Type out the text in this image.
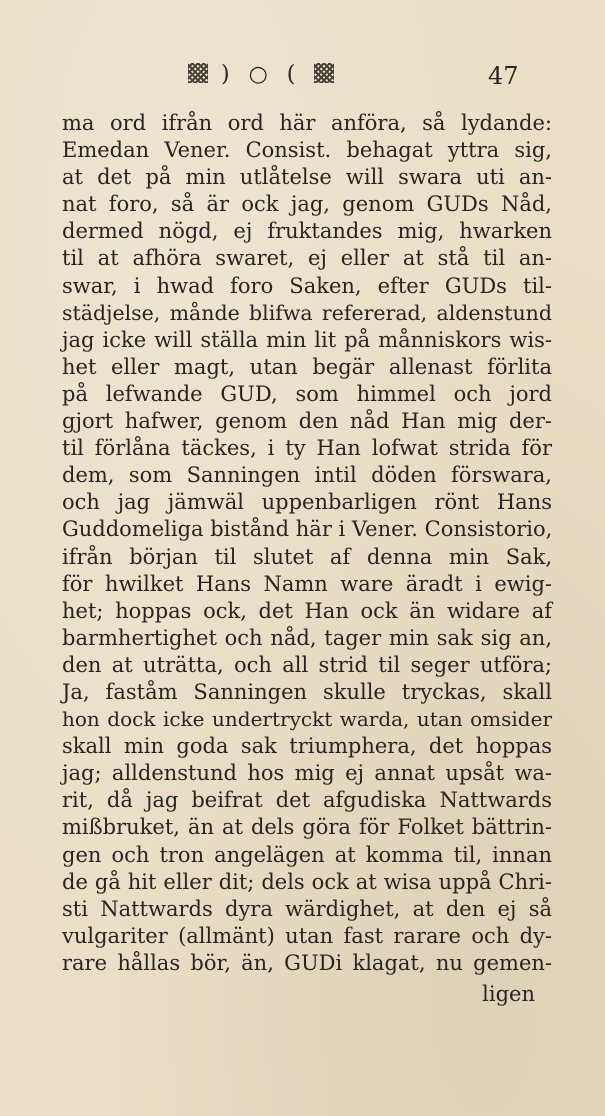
) ○ (	47
ma ord ifrån ord här anföra, så lydande:
Emedan Vener. Consist. behagat yttra sig,
at det på min utlåtelse will swara uti an-
nat foro, så är ock jag, genom GUDs Nåd,
dermed nögd, ej fruktandes mig, hwarken
til at afhöra swaret, ej eller at stå til an-
swar, i hwad foro Saken, efter GUDs til-
städjelse, månde blifwa refererad, aldenstund
jag icke will ställa min lit på månniskors wis-
het eller magt, utan begär allenast förlita
på lefwande GUD, som himmel och jord
gjort hafwer, genom den nåd Han mig der-
til förlåna täckes, i ty Han lofwat strida för
dem, som Sanningen intil döden förswara,
och jag jämwäl uppenbarligen rönt Hans
Guddomeliga bistånd här i Vener. Consistorio,
ifrån början til slutet af denna min Sak,
för hwilket Hans Namn ware äradt i ewig-
het; hoppas ock, det Han ock än widare af
barmhertighet och nåd, tager min sak sig an,
den at uträtta, och all strid til seger utföra;
Ja, faståm Sanningen skulle tryckas, skall
hon dock icke undertryckt warda, utan omsider
skall min goda sak triumphera, det hoppas
jag; alldenstund hos mig ej annat upsåt wa-
rit, då jag beifrat det afgudiska Nattwards
mißbruket, än at dels göra för Folket bättrin-
gen och tron angelägen at komma til, innan
de gå hit eller dit; dels ock at wisa uppå Chri-
sti Nattwards dyra wärdighet, at den ej så
vulgariter (allmänt) utan fast rarare och dy-
rare hållas bör, än, GUDi klagat, nu gemen-
ligen
